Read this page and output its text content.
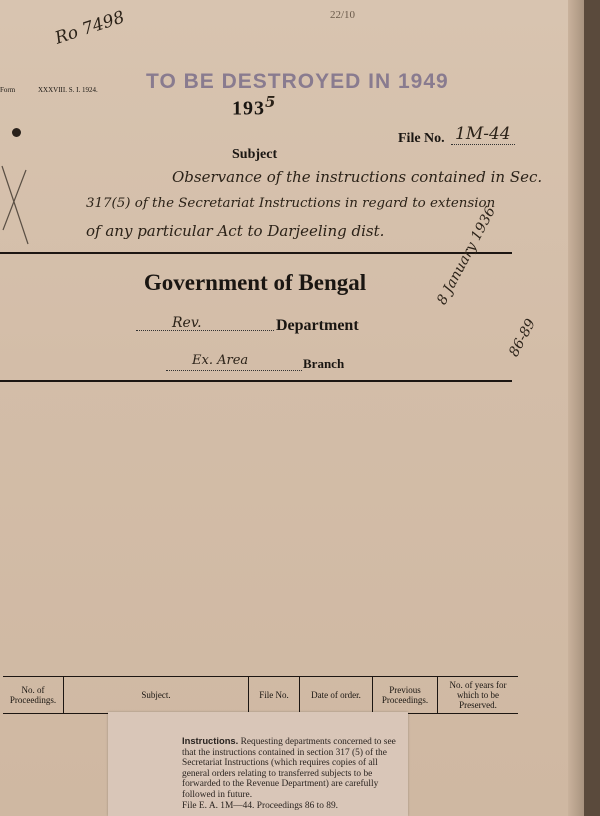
Ro 7498	22/10
TO BE DESTROYED IN 1949
Form	XXXVIII. S. I. 1924.
$193^5$
File No. 1M-44
Subject
Observance of the instructions contained in Sec.
317(5) of the Secretariat Instructions in regard to extension
of any particular Act to Darjeeling dist.
Government of Bengal
Rev.	Department
Ex. Area	Branch
8 January 1936
86-89
No. of Proceedings.	Subject.	File No.	Date of order.	Previous Proceedings.	No. of years for which to be Preserved.
Instructions. Requesting departments concerned to see that the instructions contained in section 317 (5) of the Secretariat Instructions (which requires copies of all general orders relating to transferred subjects to be forwarded to the Revenue Department) are carefully followed in future.
File E. A. 1M—44. Proceedings 86 to 89.
